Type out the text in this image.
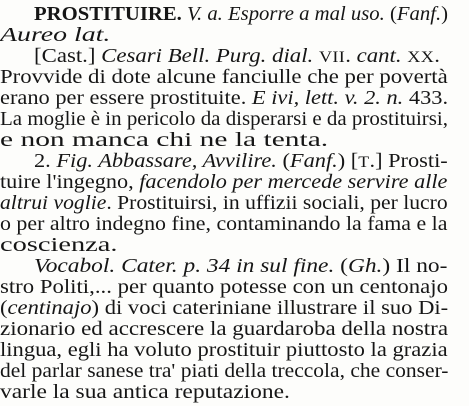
PROSTITUIRE. V. a. Esporre a mal uso. (Fanf.)
Aureo lat.
[Cast.] Cesari Bell. Purg. dial. VII. cant. XX.
Provvide di dote alcune fanciulle che per povertà
erano per essere prostituite. E ivi, lett. v. 2. n. 433.
La moglie è in pericolo da disperarsi e da prostituirsi,
e non manca chi ne la tenta.
2. Fig. Abbassare, Avvilire. (Fanf.) [T.] Prosti-
tuire l'ingegno, facendolo per mercede servire alle
altrui voglie. Prostituirsi, in uffizii sociali, per lucro
o per altro indegno fine, contaminando la fama e la
coscienza.
Vocabol. Cater. p. 34 in sul fine. (Gh.) Il no-
stro Politi,... per quanto potesse con un centonajo
(centinajo) di voci cateriniane illustrare il suo Di-
zionario ed accrescere la guardaroba della nostra
lingua, egli ha voluto prostituir piuttosto la grazia
del parlar sanese tra' piati della treccola, che conser-
varle la sua antica reputazione.
